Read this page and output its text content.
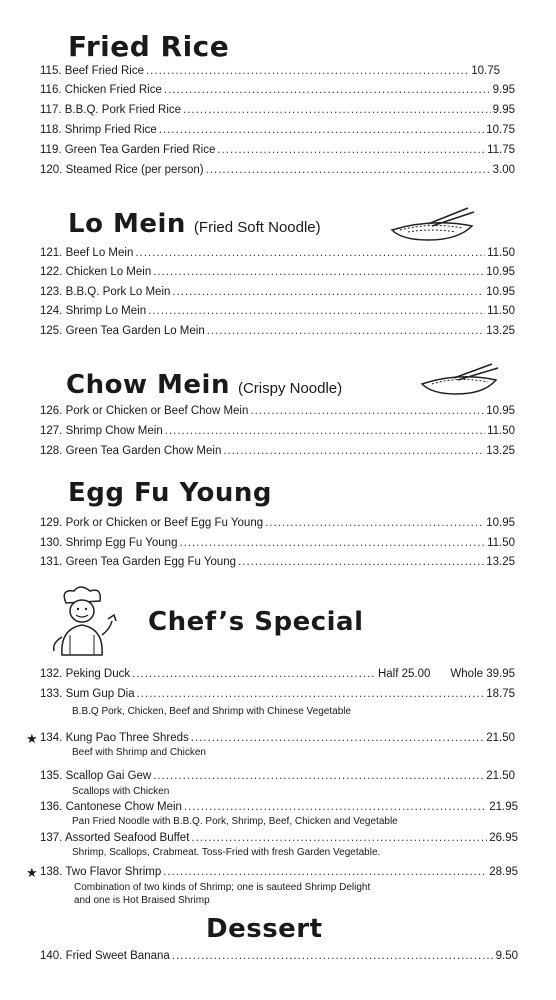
Fried Rice
115. Beef Fried Rice .....	10.75
116. Chicken Fried Rice .....	9.95
117. B.B.Q. Pork Fried Rice .....	9.95
118. Shrimp Fried Rice .....	10.75
119. Green Tea Garden Fried Rice .....	11.75
120. Steamed Rice (per person) .....	3.00
Lo Mein (Fried Soft Noodle)
121. Beef Lo Mein .....	11.50
122. Chicken Lo Mein .....	10.95
123. B.B.Q. Pork Lo Mein .....	10.95
124. Shrimp Lo Mein .....	11.50
125. Green Tea Garden Lo Mein .....	13.25
Chow Mein (Crispy Noodle)
126. Pork or Chicken or Beef Chow Mein .....	10.95
127. Shrimp Chow Mein .....	11.50
128. Green Tea Garden Chow Mein .....	13.25
Egg Fu Young
129. Pork or Chicken or Beef Egg Fu Young .....	10.95
130. Shrimp Egg Fu Young .....	11.50
131. Green Tea Garden Egg Fu Young .....	13.25
Chef’s Special
132. Peking Duck .....	Half 25.00 Whole 39.95
133. Sum Gup Dia .....	18.75
B.B.Q Pork, Chicken, Beef and Shrimp with Chinese Vegetable
★ 134. Kung Pao Three Shreds .....	21.50
Beef with Shrimp and Chicken
135. Scallop Gai Gew .....	21.50
Scallops with Chicken
136. Cantonese Chow Mein .....	21.95
Pan Fried Noodle with B.B.Q. Pork, Shrimp, Beef, Chicken and Vegetable
137. Assorted Seafood Buffet .....	26.95
Shrimp, Scallops, Crabmeat. Toss-Fried with fresh Garden Vegetable.
★ 138. Two Flavor Shrimp .....	28.95
Combination of two kinds of Shrimp; one is sauteed Shrimp Delight
and one is Hot Braised Shrimp
Dessert
140. Fried Sweet Banana .....	9.50
